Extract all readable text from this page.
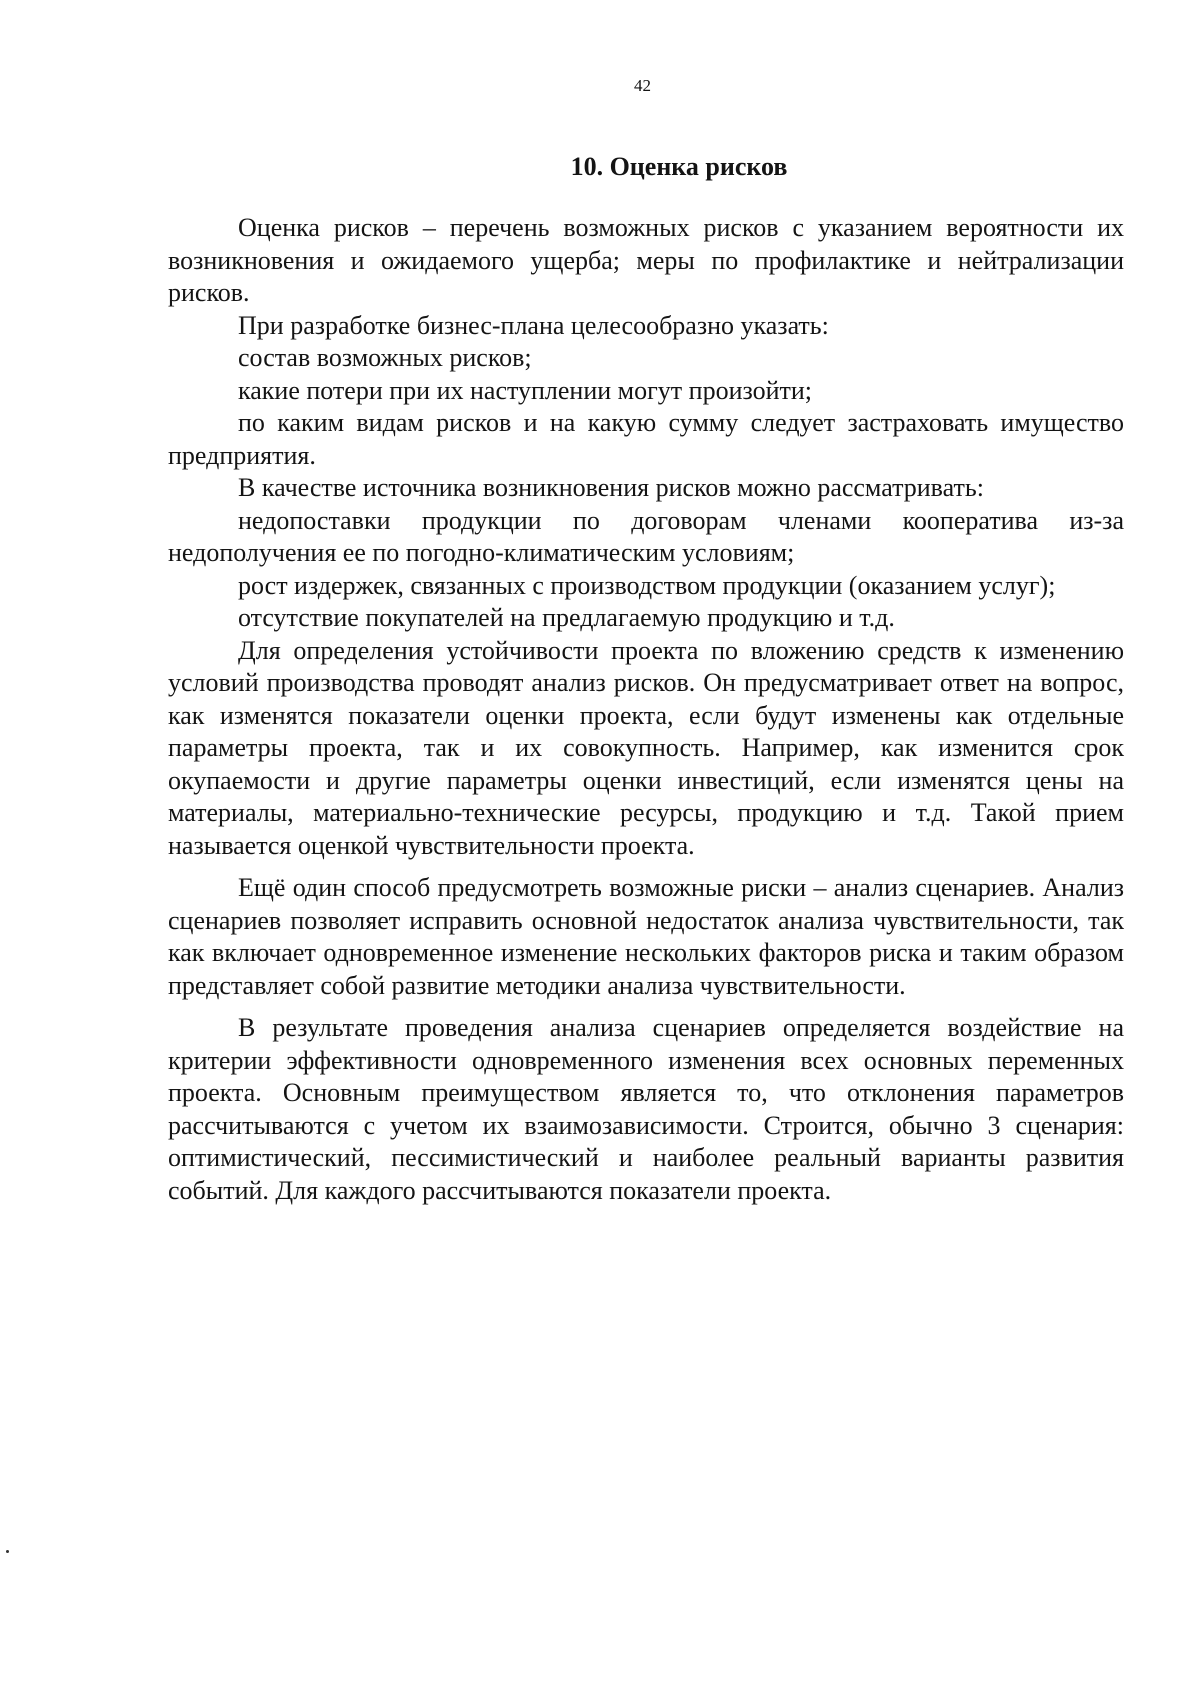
42
10. Оценка рисков

Оценка рисков – перечень возможных рисков с указанием вероятности их возникновения и ожидаемого ущерба; меры по профилактике и нейтрализации рисков.

При разработке бизнес-плана целесообразно указать:

состав возможных рисков;

какие потери при их наступлении могут произойти;

по каким видам рисков и на какую сумму следует застраховать имущество предприятия.

В качестве источника возникновения рисков можно рассматривать:

недопоставки продукции по договорам членами кооператива из-за недополучения ее по погодно-климатическим условиям;

рост издержек, связанных с производством продукции (оказанием услуг);

отсутствие покупателей на предлагаемую продукцию и т.д.

Для определения устойчивости проекта по вложению средств к изменению условий производства проводят анализ рисков. Он предусматривает ответ на вопрос, как изменятся показатели оценки проекта, если будут изменены как отдельные параметры проекта, так и их совокупность. Например, как изменится срок окупаемости и другие параметры оценки инвестиций, если изменятся цены на материалы, материально-технические ресурсы, продукцию и т.д. Такой прием называется оценкой чувствительности проекта.

Ещё один способ предусмотреть возможные риски – анализ сценариев. Анализ сценариев позволяет исправить основной недостаток анализа чувствительности, так как включает одновременное изменение нескольких факторов риска и таким образом представляет собой развитие методики анализа чувствительности.

В результате проведения анализа сценариев определяется воздействие на критерии эффективности одновременного изменения всех основных переменных проекта. Основным преимуществом является то, что отклонения параметров рассчитываются с учетом их взаимозависимости. Строится, обычно 3 сценария: оптимистический, пессимистический и наиболее реальный варианты развития событий. Для каждого рассчитываются показатели проекта.
